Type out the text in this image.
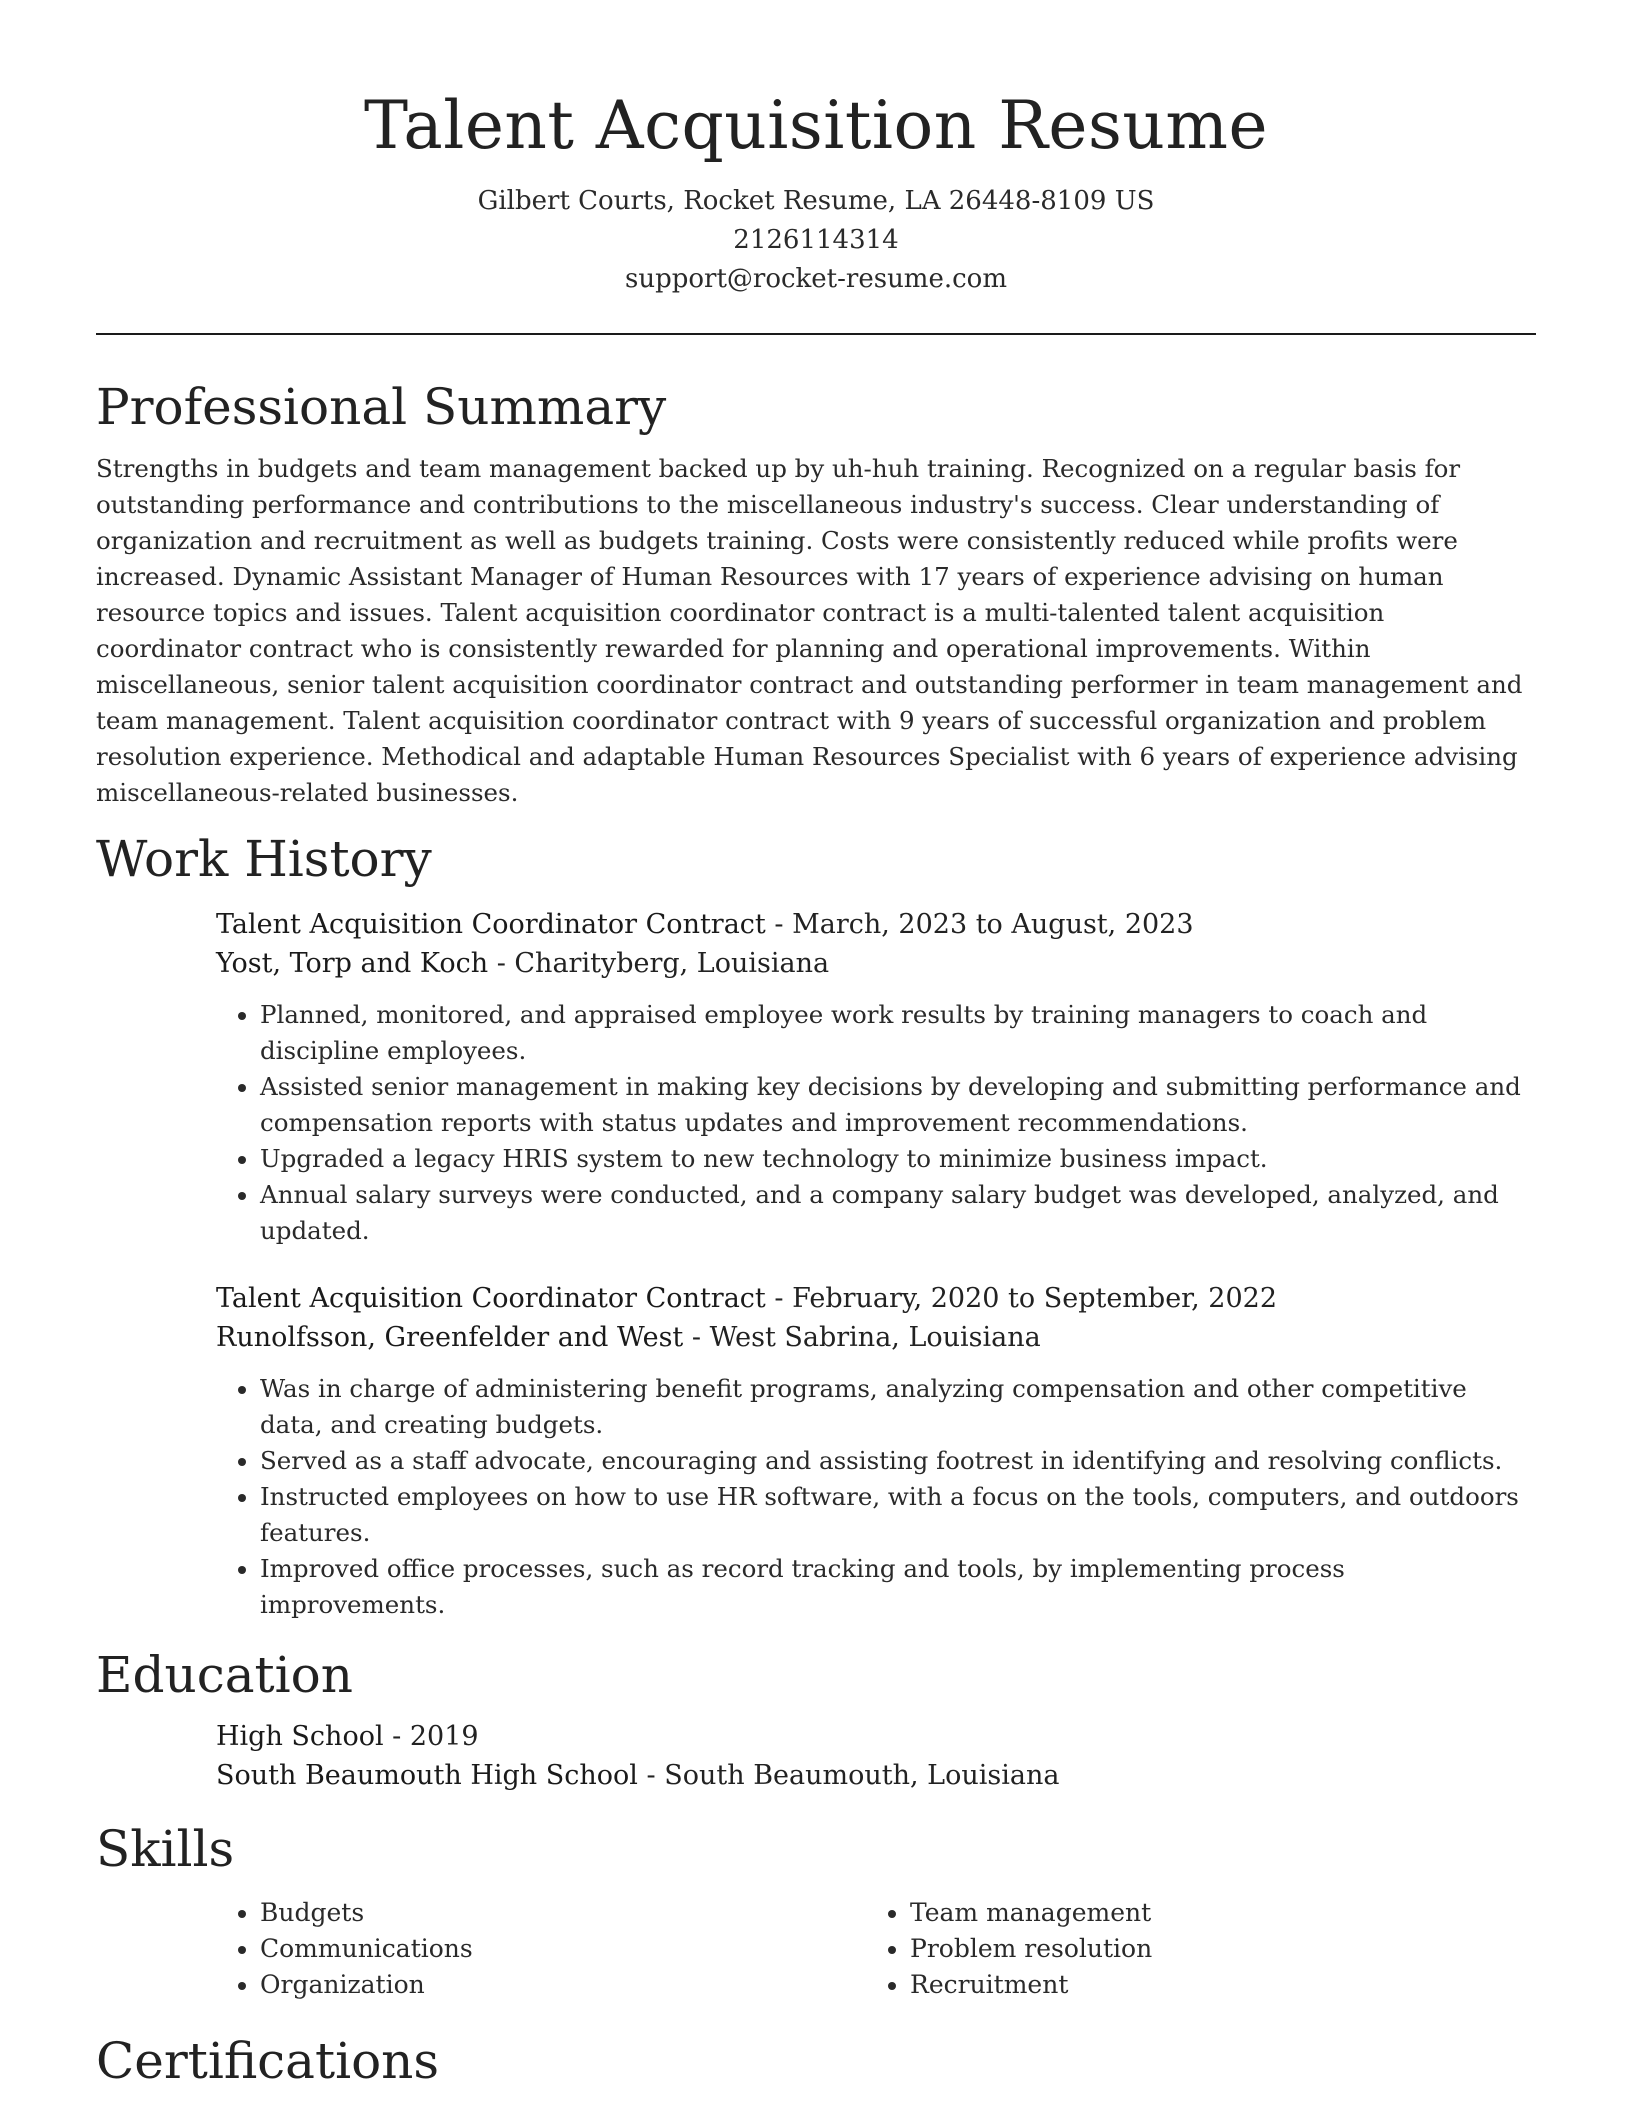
Talent Acquisition Resume
Gilbert Courts, Rocket Resume, LA 26448-8109 US
2126114314
support@rocket-resume.com
Professional Summary

Strengths in budgets and team management backed up by uh-huh training. Recognized on a regular basis for outstanding performance and contributions to the miscellaneous industry's success. Clear understanding of organization and recruitment as well as budgets training. Costs were consistently reduced while profits were increased. Dynamic Assistant Manager of Human Resources with 17 years of experience advising on human resource topics and issues. Talent acquisition coordinator contract is a multi-talented talent acquisition coordinator contract who is consistently rewarded for planning and operational improvements. Within miscellaneous, senior talent acquisition coordinator contract and outstanding performer in team management and team management. Talent acquisition coordinator contract with 9 years of successful organization and problem resolution experience. Methodical and adaptable Human Resources Specialist with 6 years of experience advising miscellaneous-related businesses.

Work History
Talent Acquisition Coordinator Contract - March, 2023 to August, 2023
Yost, Torp and Koch - Charityberg, Louisiana
• Planned, monitored, and appraised employee work results by training managers to coach and discipline employees.
• Assisted senior management in making key decisions by developing and submitting performance and compensation reports with status updates and improvement recommendations.
• Upgraded a legacy HRIS system to new technology to minimize business impact.
• Annual salary surveys were conducted, and a company salary budget was developed, analyzed, and updated.
Talent Acquisition Coordinator Contract - February, 2020 to September, 2022
Runolfsson, Greenfelder and West - West Sabrina, Louisiana
• Was in charge of administering benefit programs, analyzing compensation and other competitive data, and creating budgets.
• Served as a staff advocate, encouraging and assisting footrest in identifying and resolving conflicts.
• Instructed employees on how to use HR software, with a focus on the tools, computers, and outdoors features.
• Improved office processes, such as record tracking and tools, by implementing process improvements.
Education
High School - 2019
South Beaumouth High School - South Beaumouth, Louisiana
Skills
• Budgets
• Communications
• Organization
• Team management
• Problem resolution
• Recruitment
Certifications
